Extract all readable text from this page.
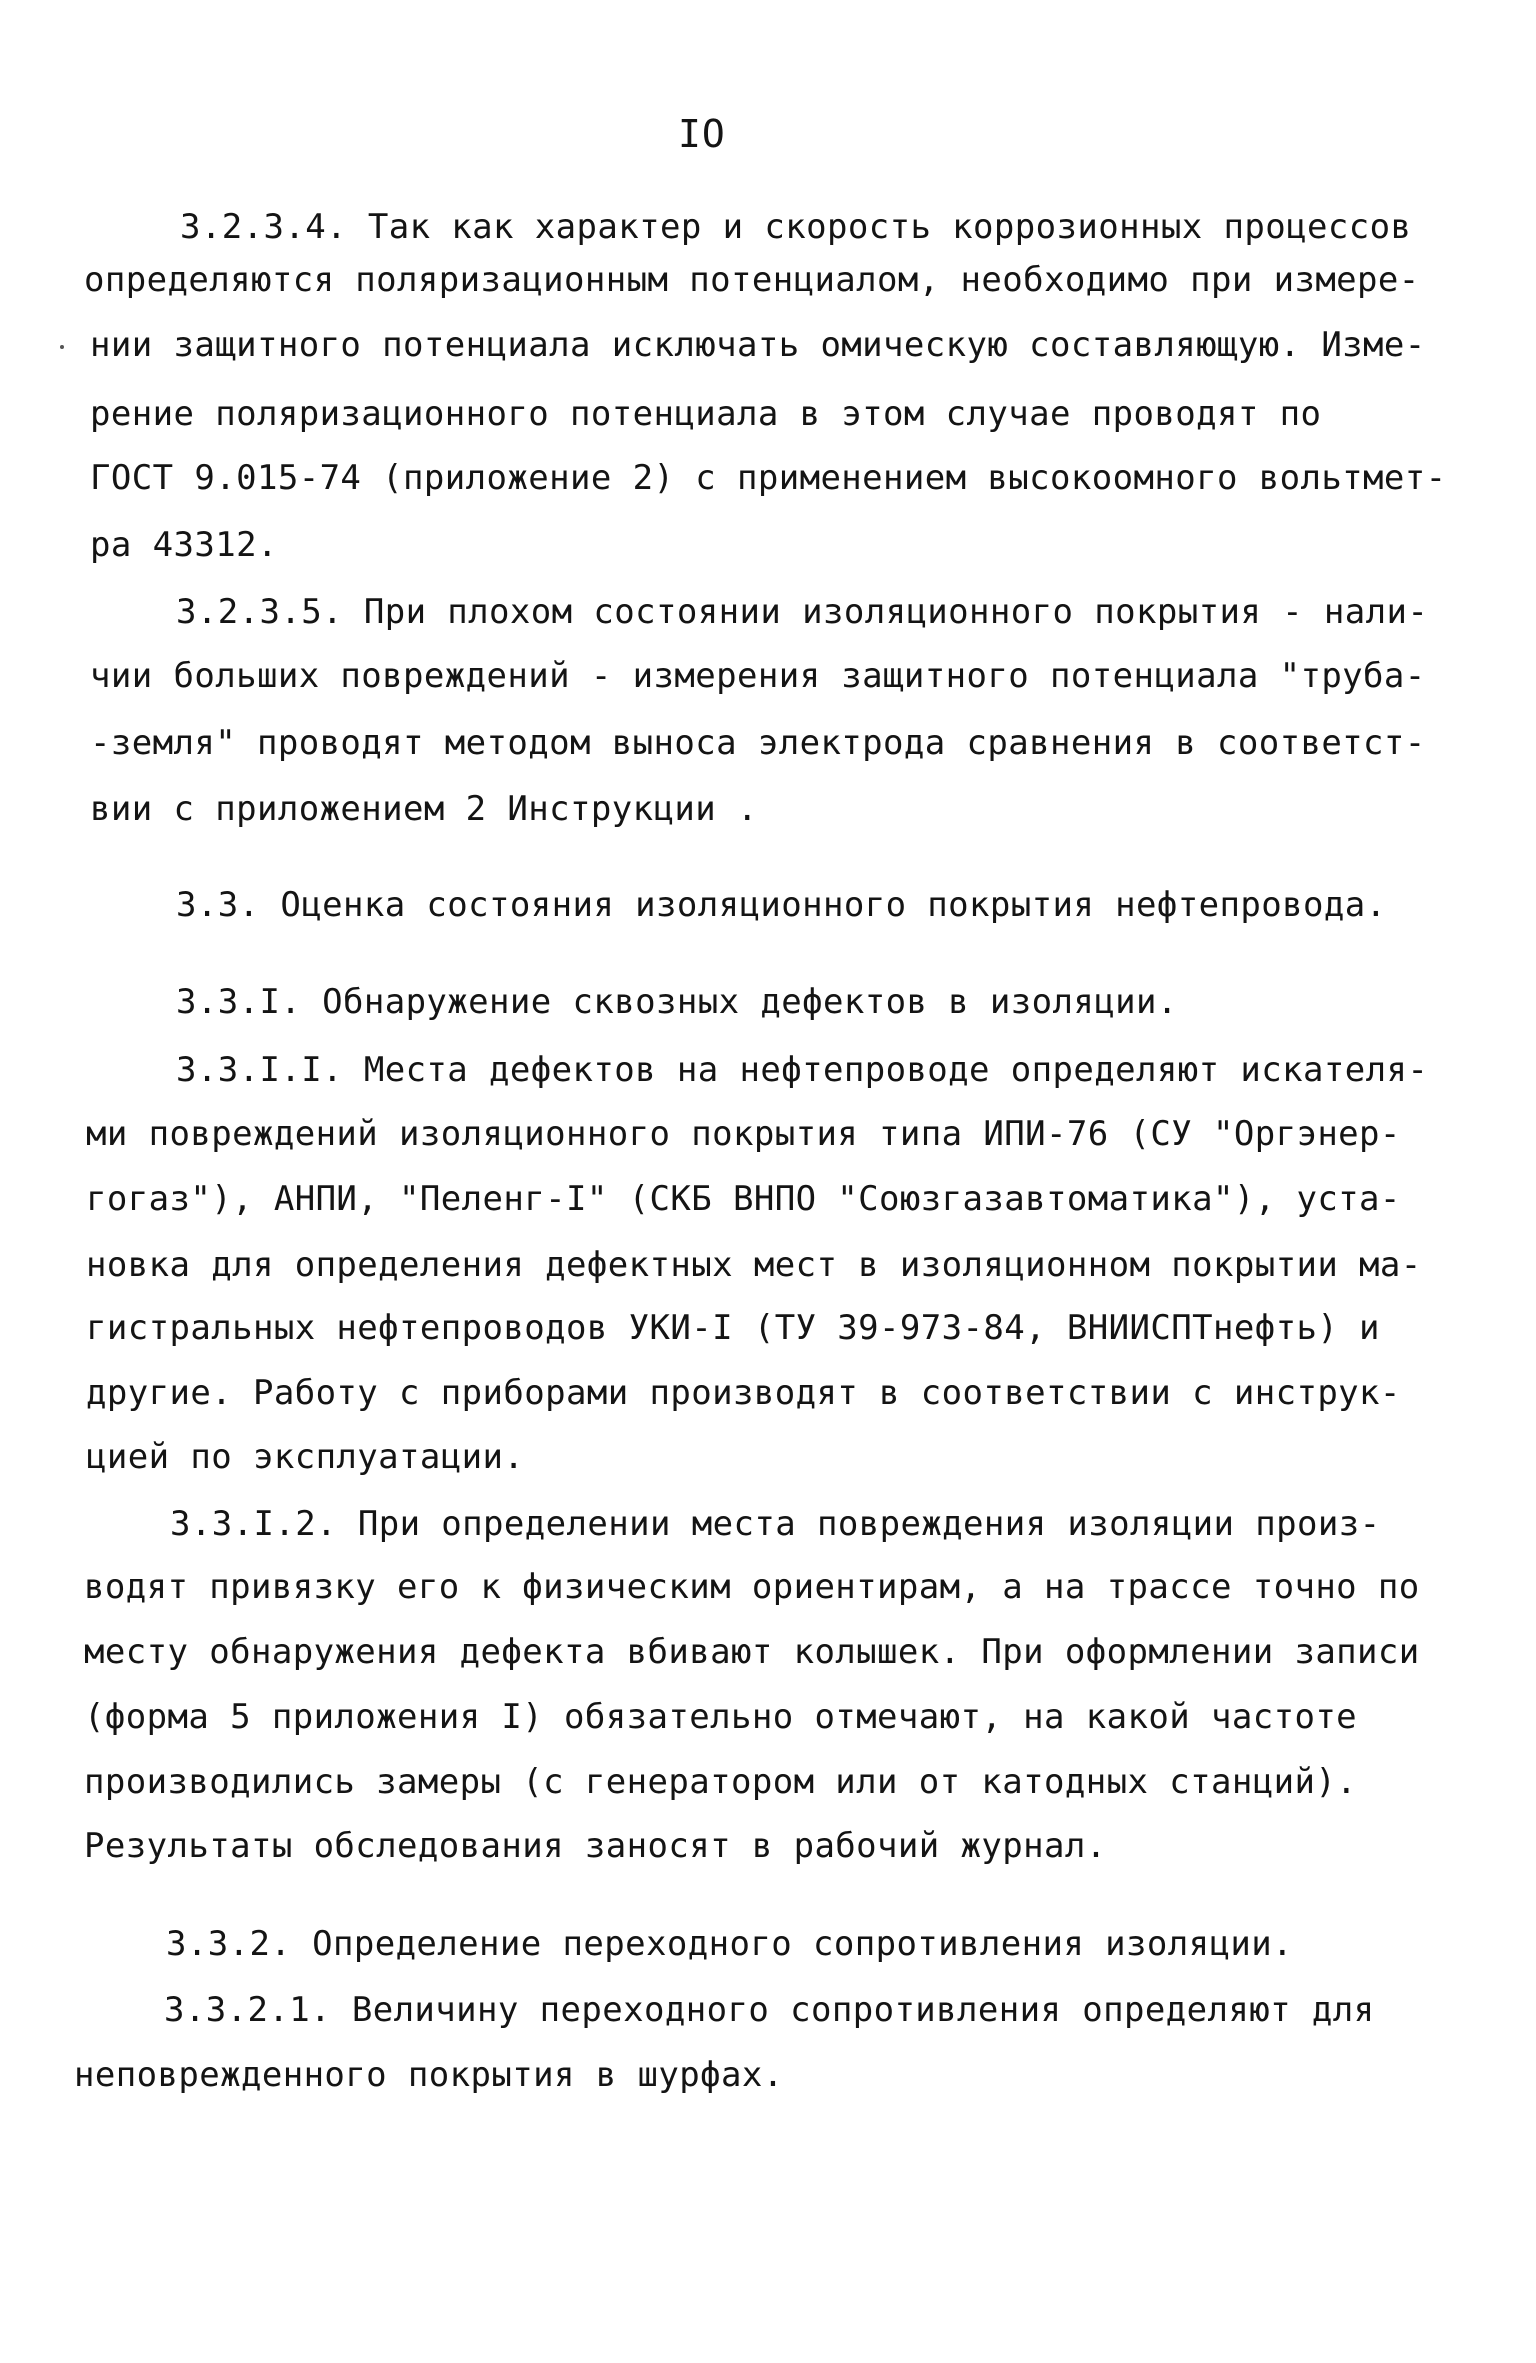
IO
3.2.3.4. Так как характер и скорость коррозионных процессов
определяются поляризационным потенциалом, необходимо при измере-
нии защитного потенциала исключать омическую составляющую. Изме-
рение поляризационного потенциала в этом случае проводят по
ГОСТ 9.015-74 (приложение 2) с применением высокоомного вольтмет-
ра 43312.
3.2.3.5. При плохом состоянии изоляционного покрытия - нали-
чии больших повреждений - измерения защитного потенциала "труба-
-земля" проводят методом выноса электрода сравнения в соответст-
вии с приложением 2 Инструкции .
3.3. Оценка состояния изоляционного покрытия нефтепровода.
3.3.I. Обнаружение сквозных дефектов в изоляции.
3.3.I.I. Места дефектов на нефтепроводе определяют искателя-
ми повреждений изоляционного покрытия типа ИПИ-76 (СУ "Оргэнер-
гогаз"), АНПИ, "Пеленг-I" (СКБ ВНПО "Союзгазавтоматика"), уста-
новка для определения дефектных мест в изоляционном покрытии ма-
гистральных нефтепроводов УКИ-I (ТУ 39-973-84, ВНИИСПТнефть) и
другие. Работу с приборами производят в соответствии с инструк-
цией по эксплуатации.
3.3.I.2. При определении места повреждения изоляции произ-
водят привязку его к физическим ориентирам, а на трассе точно по
месту обнаружения дефекта вбивают колышек. При оформлении записи
(форма 5 приложения I) обязательно отмечают, на какой частоте
производились замеры (с генератором или от катодных станций).
Результаты обследования заносят в рабочий журнал.
3.3.2. Определение переходного сопротивления изоляции.
3.3.2.1. Величину переходного сопротивления определяют для
неповрежденного покрытия в шурфах.
